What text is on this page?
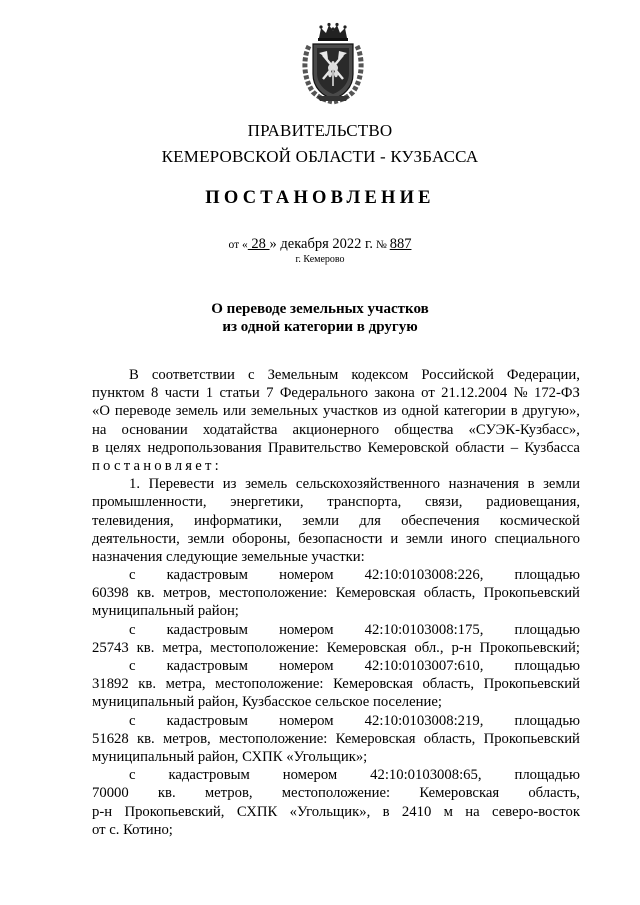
ПРАВИТЕЛЬСТВО
КЕМЕРОВСКОЙ ОБЛАСТИ - КУЗБАССА
ПОСТАНОВЛЕНИЕ
от « 28 » декабря 2022 г. № 887
г. Кемерово
О переводе земельных участков
из одной категории в другую
В соответствии с Земельным кодексом Российской Федерации,
пунктом 8 части 1 статьи 7 Федерального закона от 21.12.2004 № 172-ФЗ
«О переводе земель или земельных участков из одной категории в другую»,
на основании ходатайства акционерного общества «СУЭК-Кузбасс»,
в целях недропользования Правительство Кемеровской области – Кузбасса
постановляет:
1. Перевести из земель сельскохозяйственного назначения в земли
промышленности, энергетики, транспорта, связи, радиовещания,
телевидения, информатики, земли для обеспечения космической
деятельности, земли обороны, безопасности и земли иного специального
назначения следующие земельные участки:
с кадастровым номером 42:10:0103008:226, площадью
60398 кв. метров, местоположение: Кемеровская область, Прокопьевский
муниципальный район;
с кадастровым номером 42:10:0103008:175, площадью
25743 кв. метра, местоположение: Кемеровская обл., р-н Прокопьевский;
с кадастровым номером 42:10:0103007:610, площадью
31892 кв. метра, местоположение: Кемеровская область, Прокопьевский
муниципальный район, Кузбасское сельское поселение;
с кадастровым номером 42:10:0103008:219, площадью
51628 кв. метров, местоположение: Кемеровская область, Прокопьевский
муниципальный район, СХПК «Угольщик»;
с кадастровым номером 42:10:0103008:65, площадью
70000 кв. метров, местоположение: Кемеровская область,
р-н Прокопьевский, СХПК «Угольщик», в 2410 м на северо-восток
от с. Котино;
